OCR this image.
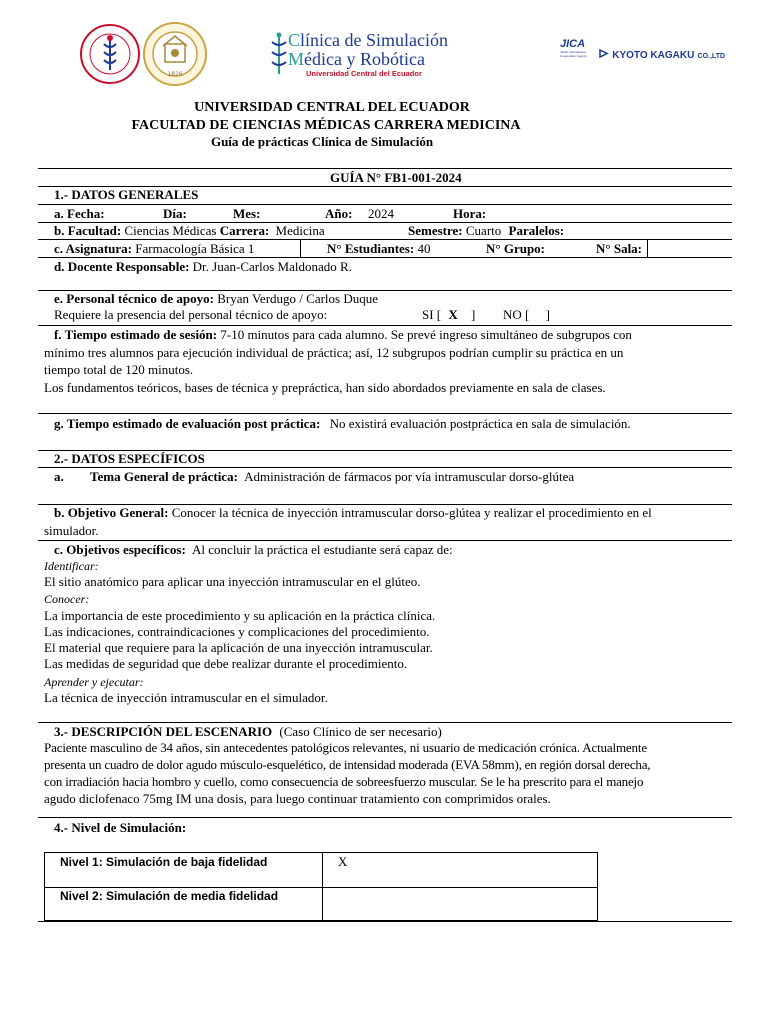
1826
Clínica de Simulación
Médica y Robótica
Universidad Central del Ecuador
JICA
Japan International Cooperation Agency	KYOTO KAGAKU CO.,LTD
UNIVERSIDAD CENTRAL DEL ECUADOR
FACULTAD DE CIENCIAS MÉDICAS CARRERA MEDICINA
Guía de prácticas Clínica de Simulación
GUÍA N° FB1-001-2024
1.- DATOS GENERALES
a. Fecha:	Día:	Mes:	Año: 2024	Hora:
b. Facultad: Ciencias Médicas Carrera: Medicina	Semestre: Cuarto Paralelos:
c. Asignatura: Farmacología Básica 1	N° Estudiantes: 40	N° Grupo:	N° Sala:
d. Docente Responsable: Dr. Juan-Carlos Maldonado R.
e. Personal técnico de apoyo: Bryan Verdugo / Carlos Duque
Requiere la presencia del personal técnico de apoyo:	SI [ X ] NO [     ]
f. Tiempo estimado de sesión: 7-10 minutos para cada alumno. Se prevé ingreso simultáneo de subgrupos con
mínimo tres alumnos para ejecución individual de práctica; así, 12 subgrupos podrían cumplir su práctica en un
tiempo total de 120 minutos.
Los fundamentos teóricos, bases de técnica y prepráctica, han sido abordados previamente en sala de clases.
g. Tiempo estimado de evaluación post práctica: No existirá evaluación postpráctica en sala de simulación.
2.- DATOS ESPECÍFICOS
a. Tema General de práctica: Administración de fármacos por vía intramuscular dorso-glútea
b. Objetivo General: Conocer la técnica de inyección intramuscular dorso-glútea y realizar el procedimiento en el
simulador.
c. Objetivos específicos: Al concluir la práctica el estudiante será capaz de:
Identificar:
El sitio anatómico para aplicar una inyección intramuscular en el glúteo.
Conocer:
La importancia de este procedimiento y su aplicación en la práctica clínica.
Las indicaciones, contraindicaciones y complicaciones del procedimiento.
El material que requiere para la aplicación de una inyección intramuscular.
Las medidas de seguridad que debe realizar durante el procedimiento.
Aprender y ejecutar:
La técnica de inyección intramuscular en el simulador.
3.- DESCRIPCIÓN DEL ESCENARIO (Caso Clínico de ser necesario)
Paciente masculino de 34 años, sin antecedentes patológicos relevantes, ni usuario de medicación crónica. Actualmente
presenta un cuadro de dolor agudo músculo-esquelético, de intensidad moderada (EVA 58mm), en región dorsal derecha,
con irradiación hacia hombro y cuello, como consecuencia de sobreesfuerzo muscular. Se le ha prescrito para el manejo
agudo diclofenaco 75mg IM una dosis, para luego continuar tratamiento con comprimidos orales.
4.- Nivel de Simulación:
Nivel 1: Simulación de baja fidelidad	X
Nivel 2: Simulación de media fidelidad
